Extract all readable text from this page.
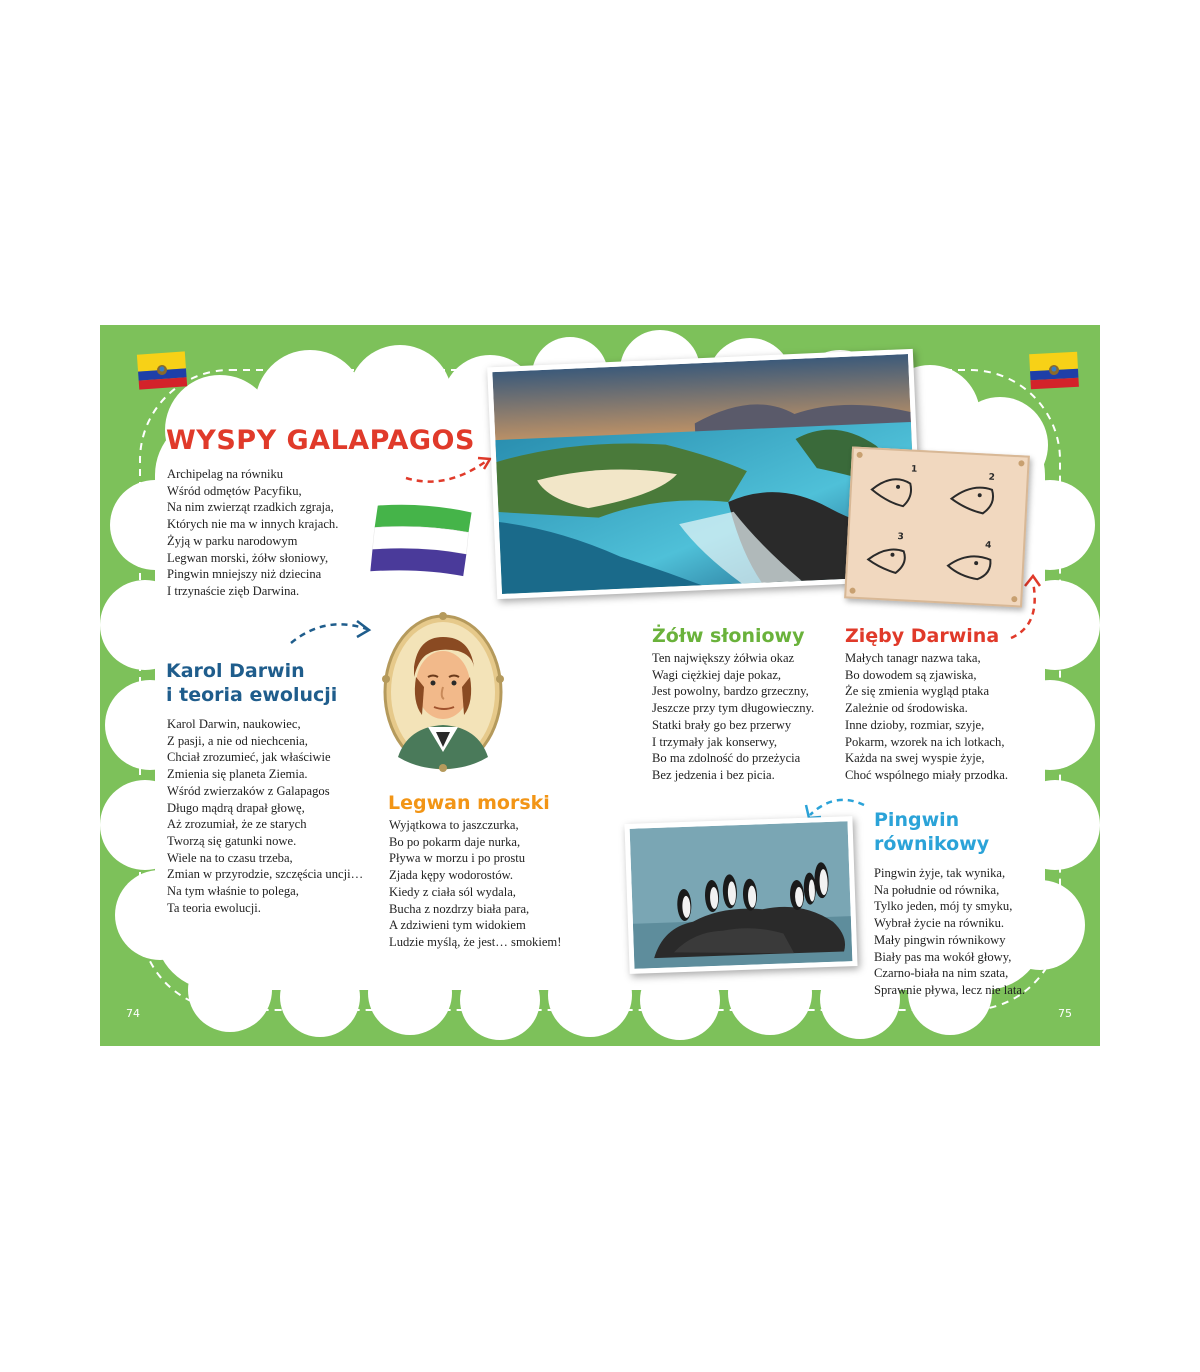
WYSPY GALAPAGOS
Archipelag na równiku
Wśród odmętów Pacyfiku,
Na nim zwierząt rzadkich zgraja,
Których nie ma w innych krajach.
Żyją w parku narodowym
Legwan morski, żółw słoniowy,
Pingwin mniejszy niż dziecina
I trzynaście zięb Darwina.
1
2
3
4
Karol Darwin
i teoria ewolucji
Karol Darwin, naukowiec,
Z pasji, a nie od niechcenia,
Chciał zrozumieć, jak właściwie
Zmienia się planeta Ziemia.
Wśród zwierzaków z Galapagos
Długo mądrą drapał głowę,
Aż zrozumiał, że ze starych
Tworzą się gatunki nowe.
Wiele na to czasu trzeba,
Zmian w przyrodzie, szczęścia uncji…
Na tym właśnie to polega,
Ta teoria ewolucji.
Legwan morski
Wyjątkowa to jaszczurka,
Bo po pokarm daje nurka,
Pływa w morzu i po prostu
Zjada kępy wodorostów.
Kiedy z ciała sól wydala,
Bucha z nozdrzy biała para,
A zdziwieni tym widokiem
Ludzie myślą, że jest… smokiem!
Żółw słoniowy
Ten największy żółwia okaz
Wagi ciężkiej daje pokaz,
Jest powolny, bardzo grzeczny,
Jeszcze przy tym długowieczny.
Statki brały go bez przerwy
I trzymały jak konserwy,
Bo ma zdolność do przeżycia
Bez jedzenia i bez picia.
Zięby Darwina
Małych tanagr nazwa taka,
Bo dowodem są zjawiska,
Że się zmienia wygląd ptaka
Zależnie od środowiska.
Inne dzioby, rozmiar, szyje,
Pokarm, wzorek na ich lotkach,
Każda na swej wyspie żyje,
Choć wspólnego miały przodka.
Pingwin
równikowy
Pingwin żyje, tak wynika,
Na południe od równika,
Tylko jeden, mój ty smyku,
Wybrał życie na równiku.
Mały pingwin równikowy
Biały pas ma wokół głowy,
Czarno-biała na nim szata,
Sprawnie pływa, lecz nie lata.
74	75
